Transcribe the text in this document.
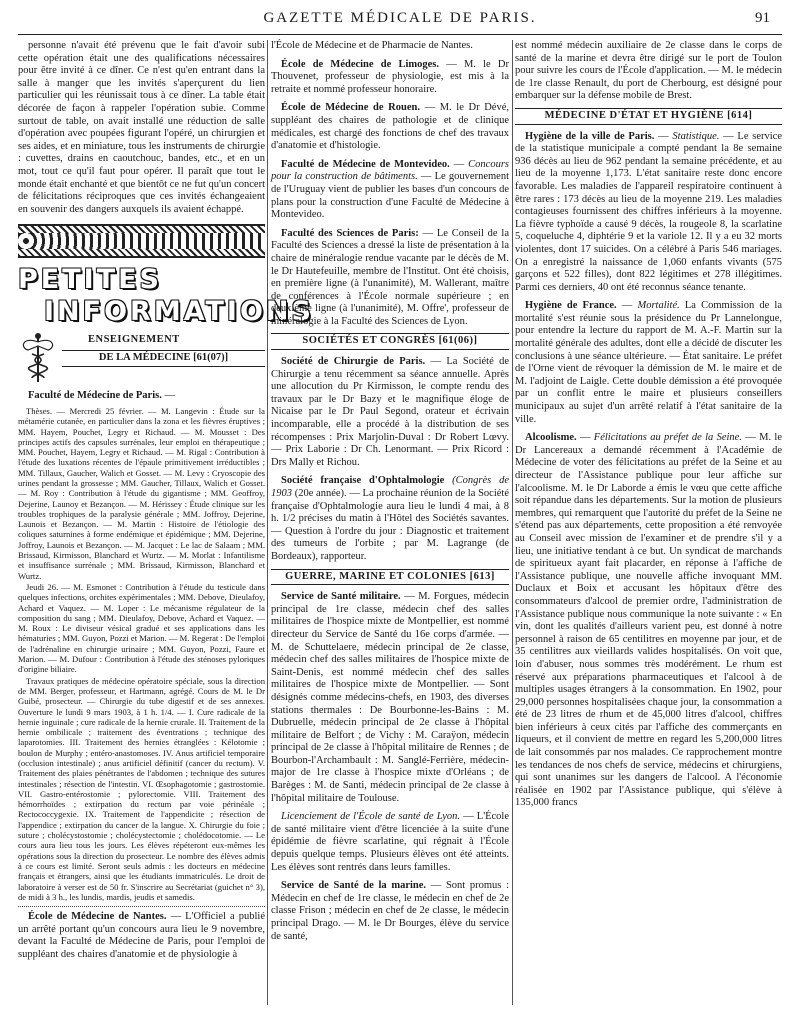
GAZETTE MÉDICALE DE PARIS.	91

personne n'avait été prévenu que le fait d'avoir subi cette opération était une des qualifications nécessaires pour être invité à ce dîner. Ce n'est qu'en entrant dans la salle à manger que les invités s'aperçurent du lien particulier qui les réunissait tous à ce dîner. La table était décorée de façon à rappeler l'opération subie. Comme surtout de table, on avait installé une réduction de salle d'opération avec poupées figurant l'opéré, un chirurgien et ses aides, et en miniature, tous les instruments de chirurgie : cuvettes, drains en caoutchouc, bandes, etc., et en un mot, tout ce qu'il faut pour opérer. Il paraît que tout le monde était enchanté et que bientôt ce ne fut qu'un concert de félicitations réciproques que ces invités échangeaient en souvenir des dangers auxquels ils avaient échappé.

PETITES
INFORMATIONS
ENSEIGNEMENT
DE LA MÉDECINE [61(07)]
Faculté de Médecine de Paris. —

Thèses. — Mercredi 25 février. — M. Langevin : Étude sur la métamérie cutanée, en particulier dans la zona et les fièvres éruptives ; MM. Hayem, Pouchet, Legry et Richaud. — M. Mousset : Des principes actifs des capsules surrénales, leur emploi en thérapeutique ; MM. Pouchet, Hayem, Legry et Richaud. — M. Rigal : Contribution à l'étude des luxations récentes de l'épaule primitivement irréductibles ; MM. Tillaux, Gaucher, Walich et Gosset. — M. Levy : Cryoscopie des urines pendant la grossesse ; MM. Gaucher, Tillaux, Walich et Gosset. — M. Roy : Contribution à l'étude du gigantisme ; MM. Geoffroy, Dejerine, Launoy et Bezançon. — M. Hérissey : Étude clinique sur les troubles trophiques de la paralysie générale ; MM. Joffroy, Dejerine, Launois et Bezançon. — M. Martin : Histoire de l'étiologie des coliques saturnines à forme endémique et épidémique ; MM. Dejerine, Joffroy, Launois et Bezançon. — M. Jacquet : Le lac de Salaam ; MM. Brissaud, Kirmisson, Blanchard et Wurtz. — M. Morlat : Infantilisme et insuffisance surrénale ; MM. Brissaud, Kirmisson, Blanchard et Wurtz.

Jeudi 26. — M. Esmonet : Contribution à l'étude du testicule dans quelques infections, orchites expérimentales ; MM. Debove, Dieulafoy, Achard et Vaquez. — M. Loper : Le mécanisme régulateur de la composition du sang ; MM. Dieulafoy, Debove, Achard et Vaquez. — M. Roux : Le diviseur vésical gradué et ses applications dans les hématuries ; MM. Guyon, Pozzi et Marion. — M. Regerat : De l'emploi de l'adrénaline en chirurgie urinaire ; MM. Guyon, Pozzi, Faure et Marion. — M. Dufour : Contribution à l'étude des sténoses pyloriques d'origine biliaire.

Travaux pratiques de médecine opératoire spéciale, sous la direction de MM. Berger, professeur, et Hartmann, agrégé. Cours de M. le Dr Guibé, prosecteur. — Chirurgie du tube digestif et de ses annexes. Ouverture le lundi 9 mars 1903, à 1 h. 1/4. — I. Cure radicale de la hernie inguinale ; cure radicale de la hernie crurale. II. Traitement de la hernie ombilicale ; traitement des éventrations ; technique des laparotomies. III. Traitement des hernies étranglées : Kélotomie ; boulon de Murphy ; entéro-anastomoses. IV. Anus artificiel temporaire (occlusion intestinale) ; anus artificiel définitif (cancer du rectum). V. Traitement des plaies pénétrantes de l'abdomen ; technique des sutures intestinales ; résection de l'intestin. VI. Œsophagotomie ; gastrostomie. VII. Gastro-entérostomie ; pylorectomie. VIII. Traitement des hémorrhoïdes ; extirpation du rectum par voie périnéale ; Rectococcygexie. IX. Traitement de l'appendicite ; résection de l'appendice ; extirpation du cancer de la langue. X. Chirurgie du foie ; suture ; cholécystostomie ; cholécystectomie ; cholédocotomie. — Le cours aura lieu tous les jours. Les élèves répéteront eux-mêmes les opérations sous la direction du prosecteur. Le nombre des élèves admis à ce cours est limité. Seront seuls admis : les docteurs en médecine français et étrangers, ainsi que les étudiants immatriculés. Le droit de laboratoire à verser est de 50 fr. S'inscrire au Secrétariat (guichet n° 3), de midi à 3 h., les lundis, mardis, jeudis et samedis.

École de Médecine de Nantes. — L'Officiel a publié un arrêté portant qu'un concours aura lieu le 9 novembre, devant la Faculté de Médecine de Paris, pour l'emploi de suppléant des chaires d'anatomie et de physiologie à

l'École de Médecine et de Pharmacie de Nantes.

École de Médecine de Limoges. — M. le Dr Thouvenet, professeur de physiologie, est mis à la retraite et nommé professeur honoraire.

École de Médecine de Rouen. — M. le Dr Dévé, suppléant des chaires de pathologie et de clinique médicales, est chargé des fonctions de chef des travaux d'anatomie et d'histologie.

Faculté de Médecine de Montevideo. — Concours pour la construction de bâtiments. — Le gouvernement de l'Uruguay vient de publier les bases d'un concours de plans pour la construction d'une Faculté de Médecine à Montevideo.

Faculté des Sciences de Paris: — Le Conseil de la Faculté des Sciences a dressé la liste de présentation à la chaire de minéralogie rendue vacante par le décès de M. le Dr Hautefeuille, membre de l'Institut. Ont été choisis, en première ligne (à l'unanimité), M. Wallerant, maître de conférences à l'École normale supérieure ; en deuxième ligne (à l'unanimité), M. Offre', professeur de minéralogie à la Faculté des Sciences de Lyon.

SOCIÉTÉS ET CONGRÈS [61(06)]

Société de Chirurgie de Paris. — La Société de Chirurgie a tenu récemment sa séance annuelle. Après une allocution du Pr Kirmisson, le compte rendu des travaux par le Dr Bazy et le magnifique éloge de Nicaise par le Dr Paul Segond, orateur et écrivain incomparable, elle a procédé à la distribution de ses récompenses : Prix Marjolin-Duval : Dr Robert Lœvy. — Prix Laborie : Dr Ch. Lenormant. — Prix Ricord : Drs Mally et Richou.

Société française d'Ophtalmologie (Congrès de 1903 (20e année). — La prochaine réunion de la Société française d'Ophtalmologie aura lieu le lundi 4 mai, à 8 h. 1/2 précises du matin à l'Hôtel des Sociétés savantes. — Question à l'ordre du jour : Diagnostic et traitement des tumeurs de l'orbite ; par M. Lagrange (de Bordeaux), rapporteur.

GUERRE, MARINE ET COLONIES [613]

Service de Santé militaire. — M. Forgues, médecin principal de 1re classe, médecin chef des salles militaires de l'hospice mixte de Montpellier, est nommé directeur du Service de Santé du 16e corps d'armée. — M. de Schuttelaere, médecin principal de 2e classe, médecin chef des salles militaires de l'hospice mixte de Saint-Denis, est nommé médecin chef des salles militaires de l'hospice mixte de Montpellier. — Sont désignés comme médecins-chefs, en 1903, des diverses stations thermales : De Bourbonne-les-Bains : M. Dubruelle, médecin principal de 2e classe à l'hôpital militaire de Belfort ; de Vichy : M. Caraÿon, médecin principal de 2e classe à l'hôpital militaire de Rennes ; de Bourbon-l'Archambault : M. Sanglé-Ferrière, médecin-major de 1re classe à l'hospice mixte d'Orléans ; de Barèges : M. de Santi, médecin principal de 2e classe à l'hôpital militaire de Toulouse.

Licenciement de l'École de santé de Lyon. — L'École de santé militaire vient d'être licenciée à la suite d'une épidémie de fièvre scarlatine, qui régnait à l'École depuis quelque temps. Plusieurs élèves ont été atteints. Les élèves sont rentrés dans leurs familles.

Service de Santé de la marine. — Sont promus : Médecin en chef de 1re classe, le médecin en chef de 2e classe Frison ; médecin en chef de 2e classe, le médecin principal Drago. — M. le Dr Bourges, élève du service de santé,

est nommé médecin auxiliaire de 2e classe dans le corps de santé de la marine et devra être dirigé sur le port de Toulon pour suivre les cours de l'École d'application. — M. le médecin de 1re classe Renault, du port de Cherbourg, est désigné pour embarquer sur la défense mobile de Brest.

MÉDECINE D'ÉTAT ET HYGIÈNE [614]

Hygiène de la ville de Paris. — Statistique. — Le service de la statistique municipale a compté pendant la 8e semaine 936 décès au lieu de 962 pendant la semaine précédente, et au lieu de la moyenne 1,173. L'état sanitaire reste donc encore favorable. Les maladies de l'appareil respiratoire continuent à être rares : 173 décès au lieu de la moyenne 219. Les maladies contagieuses fournissent des chiffres inférieurs à la moyenne. La fièvre typhoïde a causé 9 décès, la rougeole 8, la scarlatine 5, coqueluche 4, diphtérie 9 et la variole 12. Il y a eu 32 morts violentes, dont 17 suicides. On a célébré à Paris 546 mariages. On a enregistré la naissance de 1,060 enfants vivants (575 garçons et 522 filles), dont 822 légitimes et 278 illégitimes. Parmi ces derniers, 40 ont été reconnus séance tenante.

Hygiène de France. — Mortalité. La Commission de la mortalité s'est réunie sous la présidence du Pr Lannelongue, pour entendre la lecture du rapport de M. A.-F. Martin sur la mortalité générale des adultes, dont elle a décidé de discuter les conclusions à une séance ultérieure. — État sanitaire. Le préfet de l'Orne vient de révoquer la démission de M. le maire et de M. l'adjoint de Laigle. Cette double démission a été provoquée par un conflit entre le maire et plusieurs conseillers municipaux au sujet d'un arrêté relatif à l'état sanitaire de la ville.

Alcoolisme. — Félicitations au préfet de la Seine. — M. le Dr Lancereaux a demandé récemment à l'Académie de Médecine de voter des félicitations au préfet de la Seine et au directeur de l'Assistance publique pour leur affiche sur l'alcoolisme. M. le Dr Laborde a émis le vœu que cette affiche soit répandue dans les départements. Sur la motion de plusieurs membres, qui remarquent que l'autorité du préfet de la Seine ne s'étend pas aux départements, cette proposition a été renvoyée au Conseil avec mission de l'examiner et de prendre s'il y a lieu, une initiative tendant à ce but. Un syndicat de marchands de spiritueux ayant fait placarder, en réponse à l'affiche de l'Assistance publique, une nouvelle affiche invoquant MM. Duclaux et Boix et accusant les hôpitaux d'être des consommateurs d'alcool de premier ordre, l'administration de l'Assistance publique nous communique la note suivante : « En vin, dont les qualités d'ailleurs varient peu, est donné à notre personnel à raison de 65 centilitres en moyenne par jour, et de 35 centilitres aux vieillards valides hospitalisés. On voit que, loin d'abuser, nous sommes très modérément. Le rhum est réservé aux préparations pharmaceutiques et l'alcool à de multiples usages étrangers à la consommation. En 1902, pour 29,000 personnes hospitalisées chaque jour, la consommation a été de 23 litres de rhum et de 45,000 litres d'alcool, chiffres bien inférieurs à ceux cités par l'affiche des commerçants en liqueurs, et il convient de mettre en regard les 5,200,000 litres de lait consommés par nos malades. Ce rapprochement montre les tendances de nos chefs de service, médecins et chirurgiens, qui sont unanimes sur les dangers de l'alcool. A l'économie réalisée en 1902 par l'Assistance publique, qui s'élève à 135,000 francs
